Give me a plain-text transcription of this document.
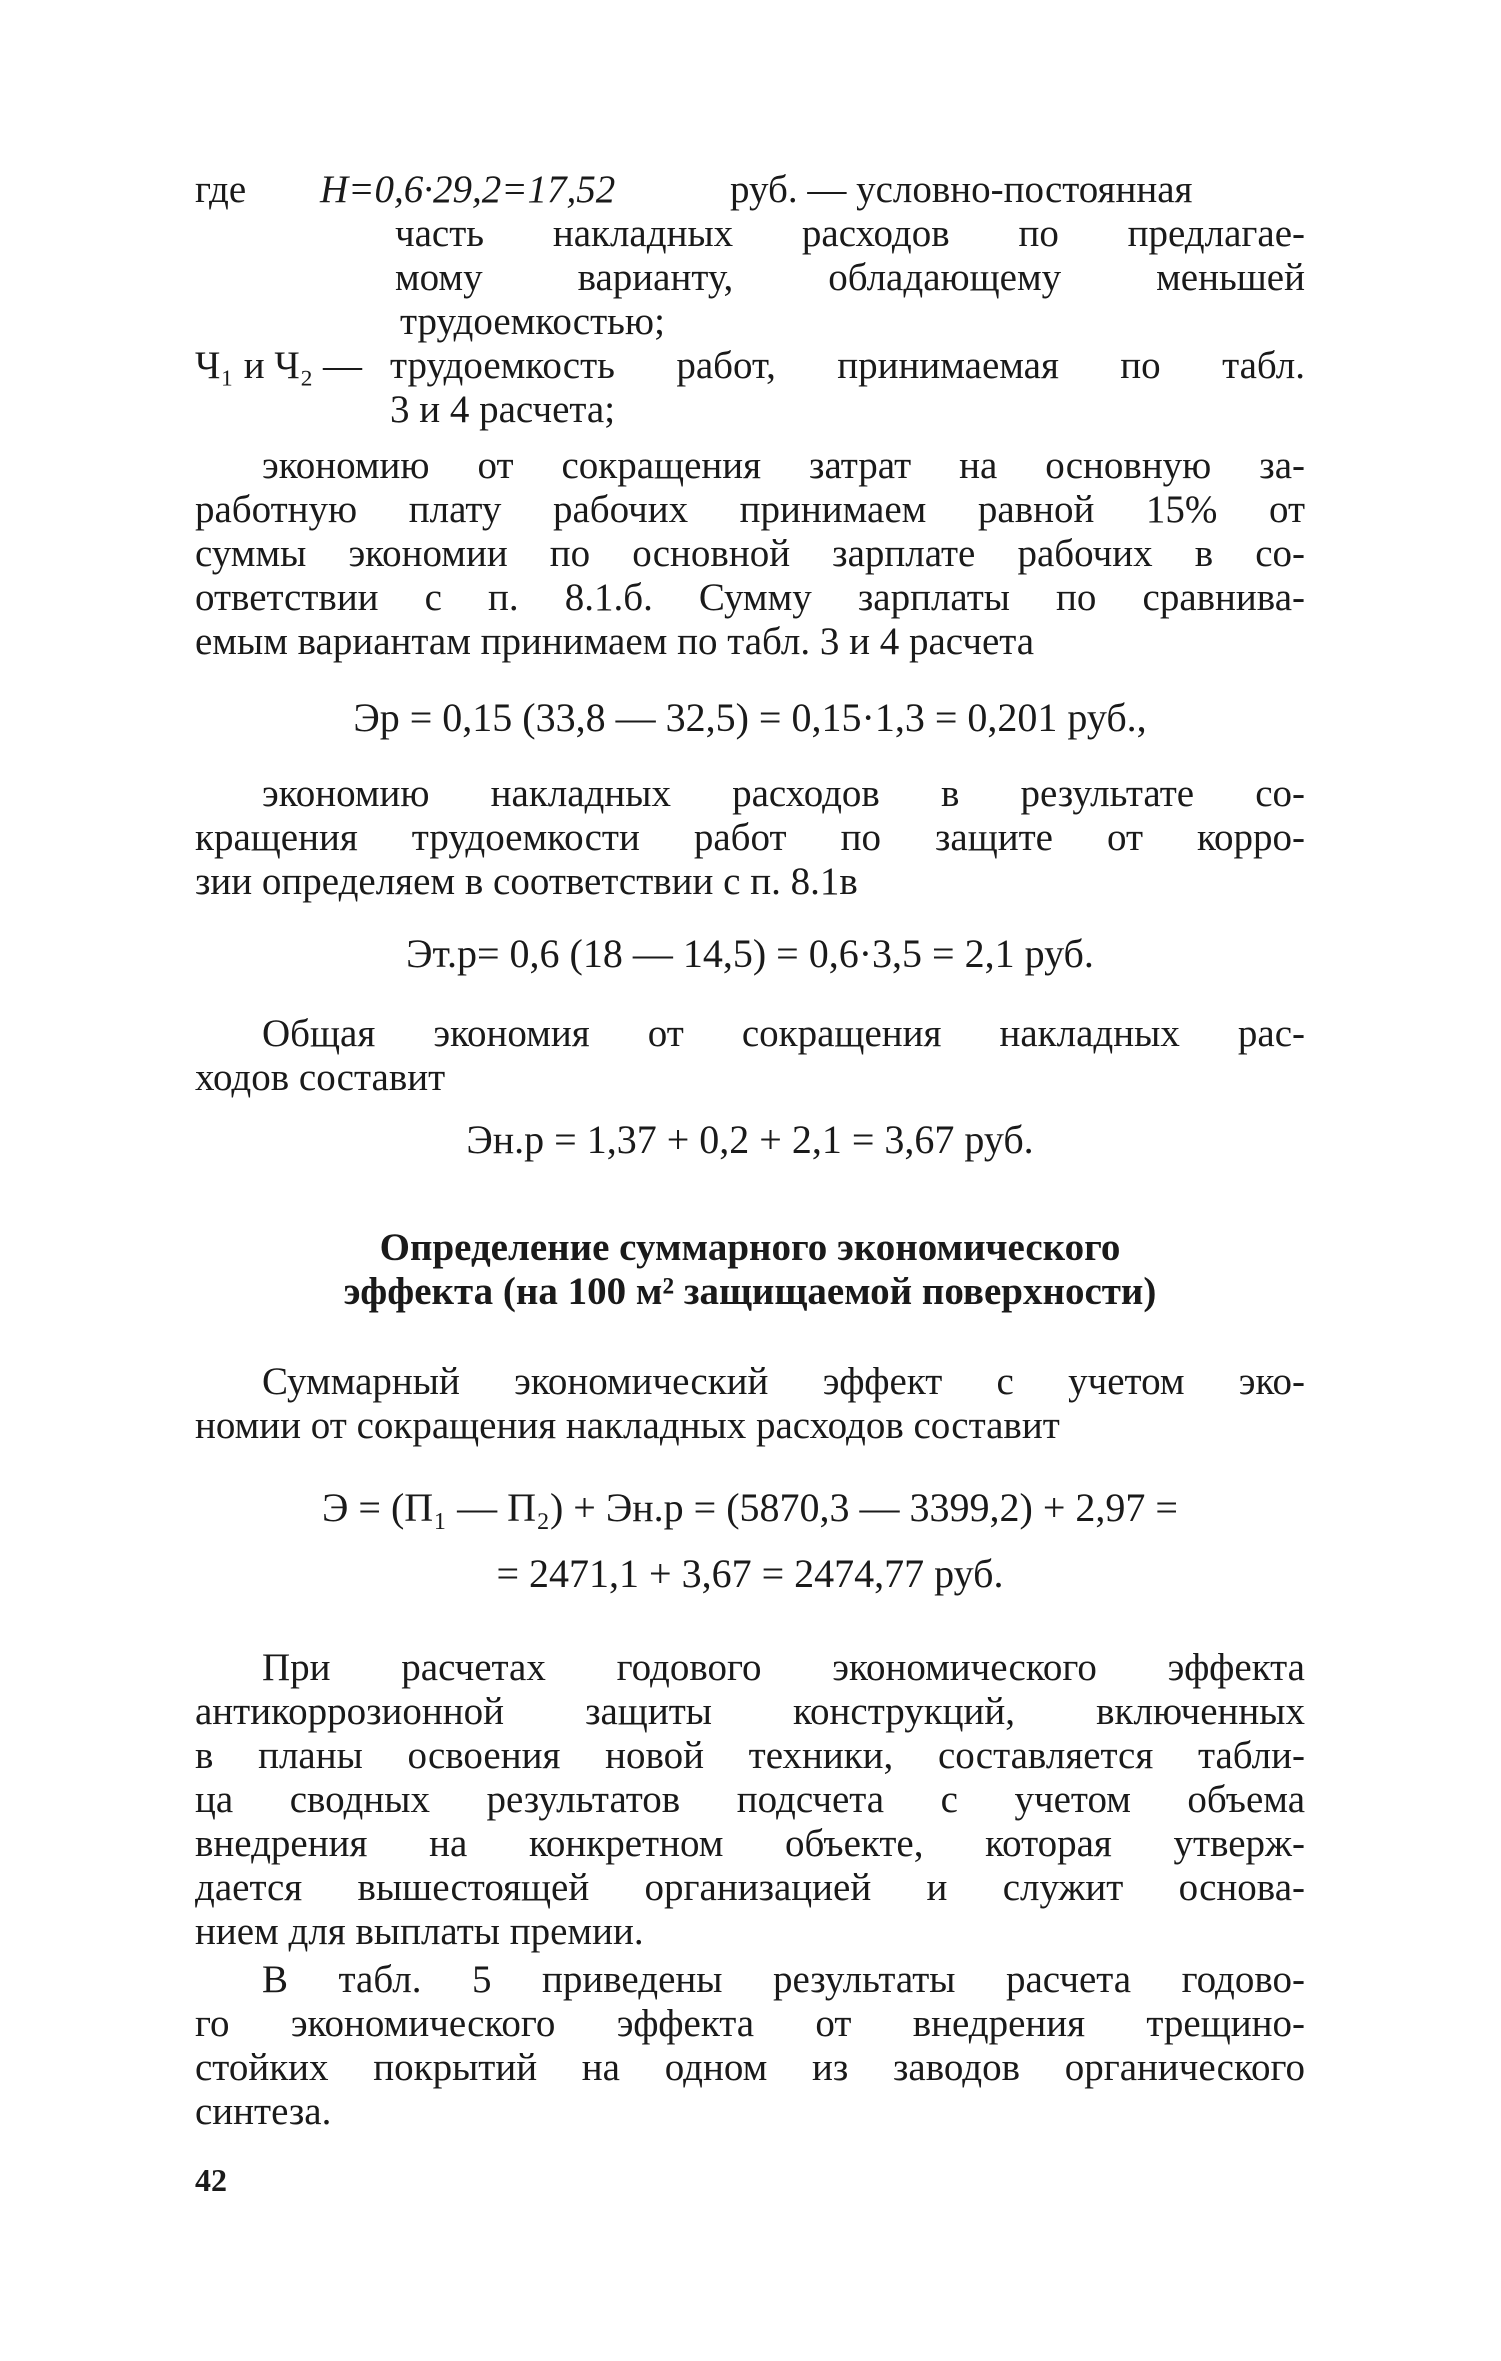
где Н=0,6·29,2=17,52	руб. — условно-постоянная
часть накладных расходов по предлагае-
мому варианту, обладающему меньшей
трудоемкостью;
Ч₁ и Ч₂ — трудоемкость работ, принимаемая по табл.
3 и 4 расчета;
экономию от сокращения затрат на основную за-
работную плату рабочих принимаем равной 15% от
суммы экономии по основной зарплате рабочих в со-
ответствии с п. 8.1.б. Сумму зарплаты по сравнива-
емым вариантам принимаем по табл. 3 и 4 расчета
Эр = 0,15 (33,8 — 32,5) = 0,15·1,3 = 0,201 руб.,
экономию накладных расходов в результате со-
кращения трудоемкости работ по защите от корро-
зии определяем в соответствии с п. 8.1в
Эт.р= 0,6 (18 — 14,5) = 0,6·3,5 = 2,1 руб.
Общая экономия от сокращения накладных рас-
ходов составит
Эн.р = 1,37 + 0,2 + 2,1 = 3,67 руб.
Определение суммарного экономического
эффекта (на 100 м² защищаемой поверхности)
Суммарный экономический эффект с учетом эко-
номии от сокращения накладных расходов составит
Э = (П₁ — П₂) + Эн.р = (5870,3 — 3399,2) + 2,97 =
= 2471,1 + 3,67 = 2474,77 руб.
При расчетах годового экономического эффекта
антикоррозионной защиты конструкций, включенных
в планы освоения новой техники, составляется табли-
ца сводных результатов подсчета с учетом объема
внедрения на конкретном объекте, которая утверж-
дается вышестоящей организацией и служит основа-
нием для выплаты премии.
В табл. 5 приведены результаты расчета годово-
го экономического эффекта от внедрения трещино-
стойких покрытий на одном из заводов органического
синтеза.
42
